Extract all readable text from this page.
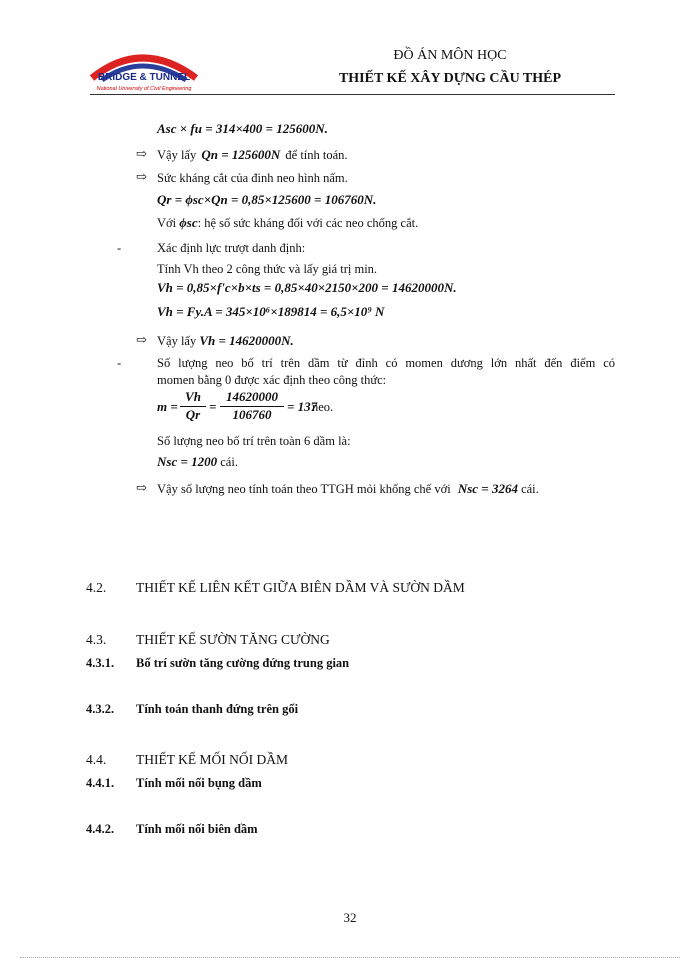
BRIDGE & TUNNEL
National University of Civil Engineering
ĐỒ ÁN MÔN HỌC
THIẾT KẾ XÂY DỰNG CẦU THÉP
Asc × fu = 314×400 = 125600N.
⇨ Vậy lấy Qn = 125600N để tính toán.
⇨ Sức kháng cắt của đinh neo hình nấm.
Qr = ϕsc×Qn = 0,85×125600 = 106760N.
Với ϕsc: hệ số sức kháng đối với các neo chống cắt.
-	Xác định lực trượt danh định:
Tính Vh theo 2 công thức và lấy giá trị min.
Vh = 0,85×f'c×b×ts = 0,85×40×2150×200 = 14620000N.
Vh = Fy.A = 345×10⁶×189814 = 6,5×10⁹ N
⇨ Vậy lấy Vh = 14620000N.
-	Số lượng neo bố trí trên dầm từ đỉnh có momen dương lớn nhất đến điểm có
momen bằng 0 được xác định theo công thức:
$m = \frac{Vh}{Qr} = \frac{14620000}{106760} = 137$
neo.
Số lượng neo bố trí trên toàn 6 dầm là:
Nsc = 1200 cái.
⇨ Vậy số lượng neo tính toán theo TTGH mỏi khống chế với Nsc = 3264 cái.
4.2. THIẾT KẾ LIÊN KẾT GIỮA BIÊN DẦM VÀ SƯỜN DẦM
4.3. THIẾT KẾ SƯỜN TĂNG CƯỜNG
4.3.1. Bố trí sườn tăng cường đứng trung gian
4.3.2. Tính toán thanh đứng trên gối
4.4. THIẾT KẾ MỐI NỐI DẦM
4.4.1. Tính mối nối bụng dầm
4.4.2. Tính mối nối biên dầm
32
